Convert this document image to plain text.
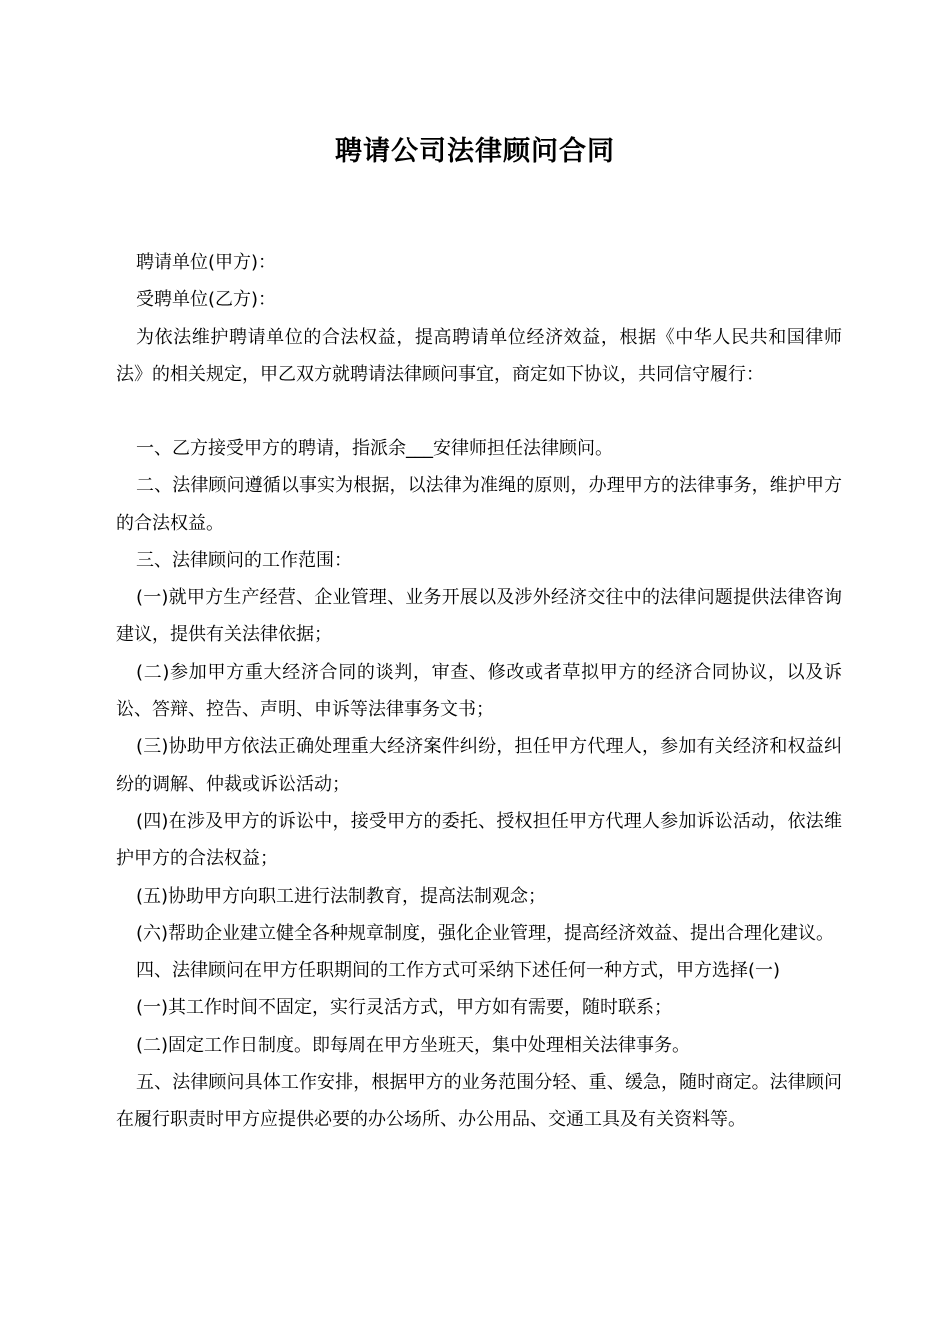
聘请公司法律顾问合同

聘请单位(甲方)：

受聘单位(乙方)：

为依法维护聘请单位的合法权益，提高聘请单位经济效益，根据《中华人民共和国律师法》的相关规定，甲乙双方就聘请法律顾问事宜，商定如下协议，共同信守履行：

一、乙方接受甲方的聘请，指派余___安律师担任法律顾问。

二、法律顾问遵循以事实为根据，以法律为准绳的原则，办理甲方的法律事务，维护甲方的合法权益。

三、法律顾问的工作范围：

(一)就甲方生产经营、企业管理、业务开展以及涉外经济交往中的法律问题提供法律咨询建议，提供有关法律依据；

(二)参加甲方重大经济合同的谈判，审查、修改或者草拟甲方的经济合同协议，以及诉讼、答辩、控告、声明、申诉等法律事务文书；

(三)协助甲方依法正确处理重大经济案件纠纷，担任甲方代理人，参加有关经济和权益纠纷的调解、仲裁或诉讼活动；

(四)在涉及甲方的诉讼中，接受甲方的委托、授权担任甲方代理人参加诉讼活动，依法维护甲方的合法权益；

(五)协助甲方向职工进行法制教育，提高法制观念；

(六)帮助企业建立健全各种规章制度，强化企业管理，提高经济效益、提出合理化建议。

四、法律顾问在甲方任职期间的工作方式可采纳下述任何一种方式，甲方选择(一)

(一)其工作时间不固定，实行灵活方式，甲方如有需要，随时联系；

(二)固定工作日制度。即每周在甲方坐班天，集中处理相关法律事务。

五、法律顾问具体工作安排，根据甲方的业务范围分轻、重、缓急，随时商定。法律顾问在履行职责时甲方应提供必要的办公场所、办公用品、交通工具及有关资料等。
